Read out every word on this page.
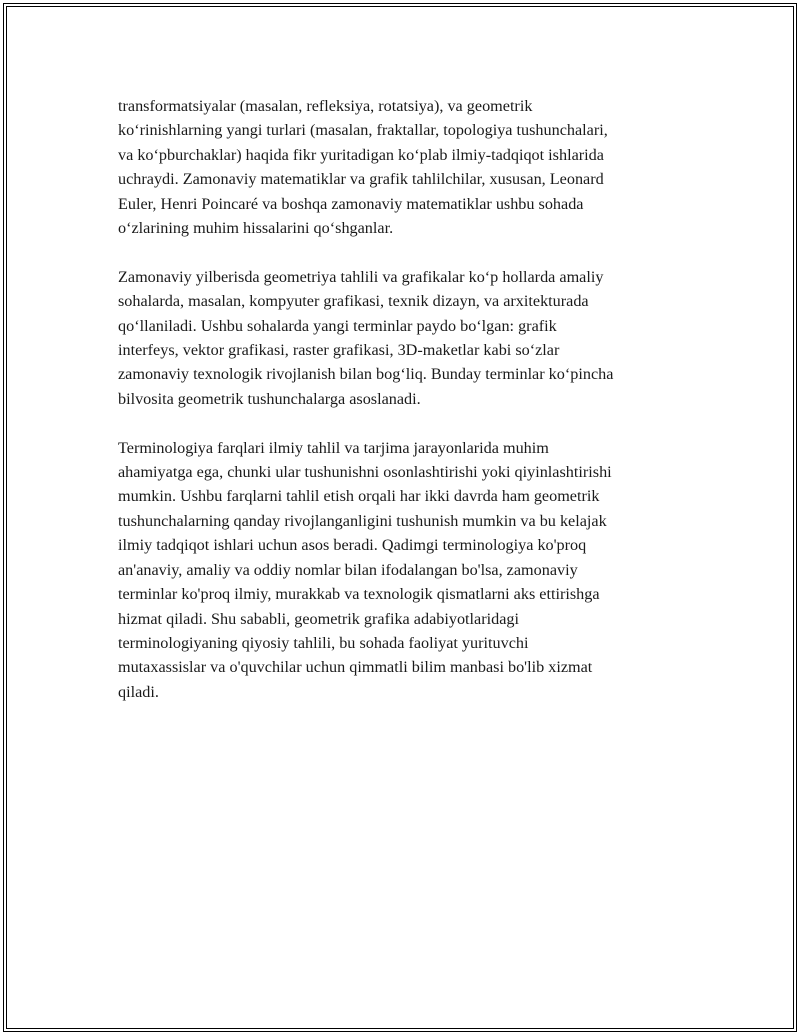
transformatsiyalar (masalan, refleksiya, rotatsiya), va geometrik
ko‘rinishlarning yangi turlari (masalan, fraktallar, topologiya tushunchalari,
va ko‘pburchaklar) haqida fikr yuritadigan ko‘plab ilmiy-tadqiqot ishlarida
uchraydi. Zamonaviy matematiklar va grafik tahlilchilar, xususan, Leonard
Euler, Henri Poincaré va boshqa zamonaviy matematiklar ushbu sohada
o‘zlarining muhim hissalarini qo‘shganlar.

Zamonaviy yilberisda geometriya tahlili va grafikalar ko‘p hollarda amaliy
sohalarda, masalan, kompyuter grafikasi, texnik dizayn, va arxitekturada
qo‘llaniladi. Ushbu sohalarda yangi terminlar paydo bo‘lgan: grafik
interfeys, vektor grafikasi, raster grafikasi, 3D-maketlar kabi so‘zlar
zamonaviy texnologik rivojlanish bilan bog‘liq. Bunday terminlar ko‘pincha
bilvosita geometrik tushunchalarga asoslanadi.

Terminologiya farqlari ilmiy tahlil va tarjima jarayonlarida muhim
ahamiyatga ega, chunki ular tushunishni osonlashtirishi yoki qiyinlashtirishi
mumkin. Ushbu farqlarni tahlil etish orqali har ikki davrda ham geometrik
tushunchalarning qanday rivojlanganligini tushunish mumkin va bu kelajak
ilmiy tadqiqot ishlari uchun asos beradi. Qadimgi terminologiya ko'proq
an'anaviy, amaliy va oddiy nomlar bilan ifodalangan bo'lsa, zamonaviy
terminlar ko'proq ilmiy, murakkab va texnologik qismatlarni aks ettirishga
hizmat qiladi. Shu sababli, geometrik grafika adabiyotlaridagi
terminologiyaning qiyosiy tahlili, bu sohada faoliyat yurituvchi
mutaxassislar va o'quvchilar uchun qimmatli bilim manbasi bo'lib xizmat
qiladi.
